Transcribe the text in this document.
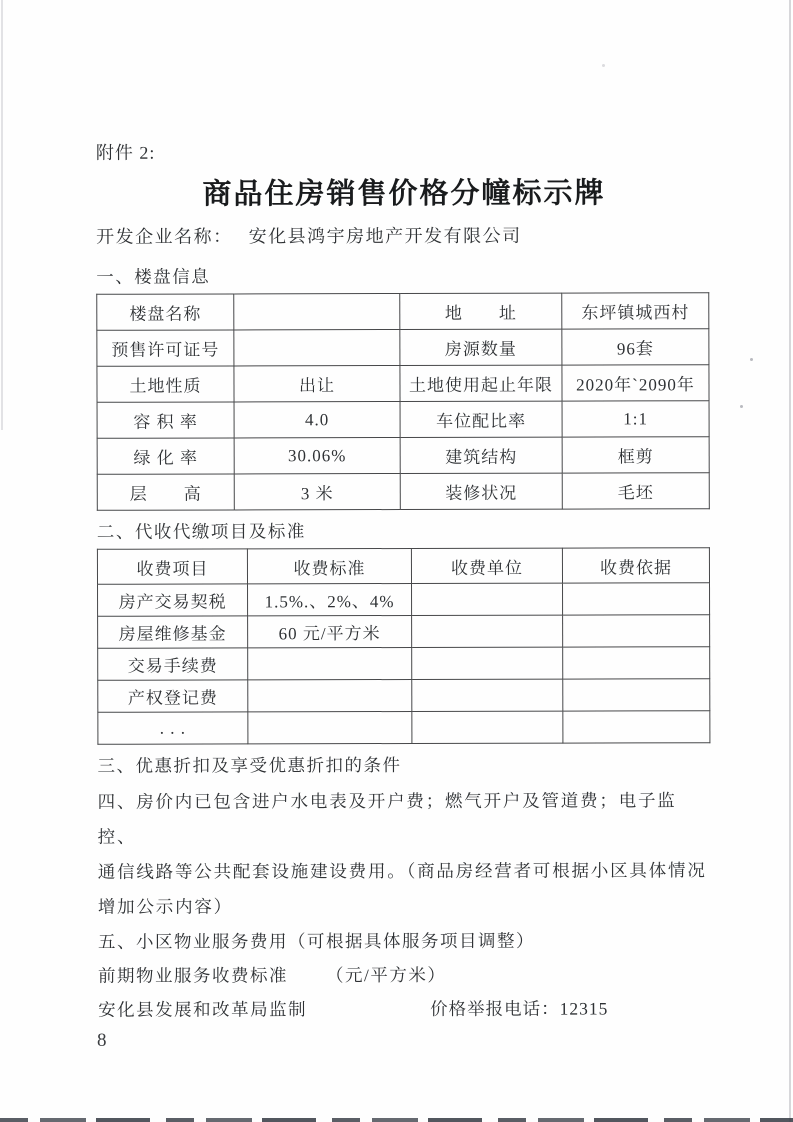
附件 2:
商品住房销售价格分幢标示牌
开发企业名称： 安化县鸿宇房地产开发有限公司
一、楼盘信息
楼盘名称		地　　址	东坪镇城西村
预售许可证号		房源数量	96套
土地性质	出让	土地使用起止年限	2020年`2090年
容 积 率	4.0	车位配比率	1:1
绿 化 率	30.06%	建筑结构	框剪
层　　高	3 米	装修状况	毛坯
二、代收代缴项目及标准
收费项目	收费标准	收费单位	收费依据
房产交易契税	1.5%.、2%、4%		
房屋维修基金	60 元/平方米		
交易手续费			
产权登记费			
. . .			
三、优惠折扣及享受优惠折扣的条件
四、房价内已包含进户水电表及开户费；燃气开户及管道费；电子监控、
通信线路等公共配套设施建设费用。（商品房经营者可根据小区具体情况
增加公示内容）
五、小区物业服务费用（可根据具体服务项目调整）
前期物业服务收费标准 （元/平方米）
安化县发展和改革局监制	价格举报电话：12315
8
